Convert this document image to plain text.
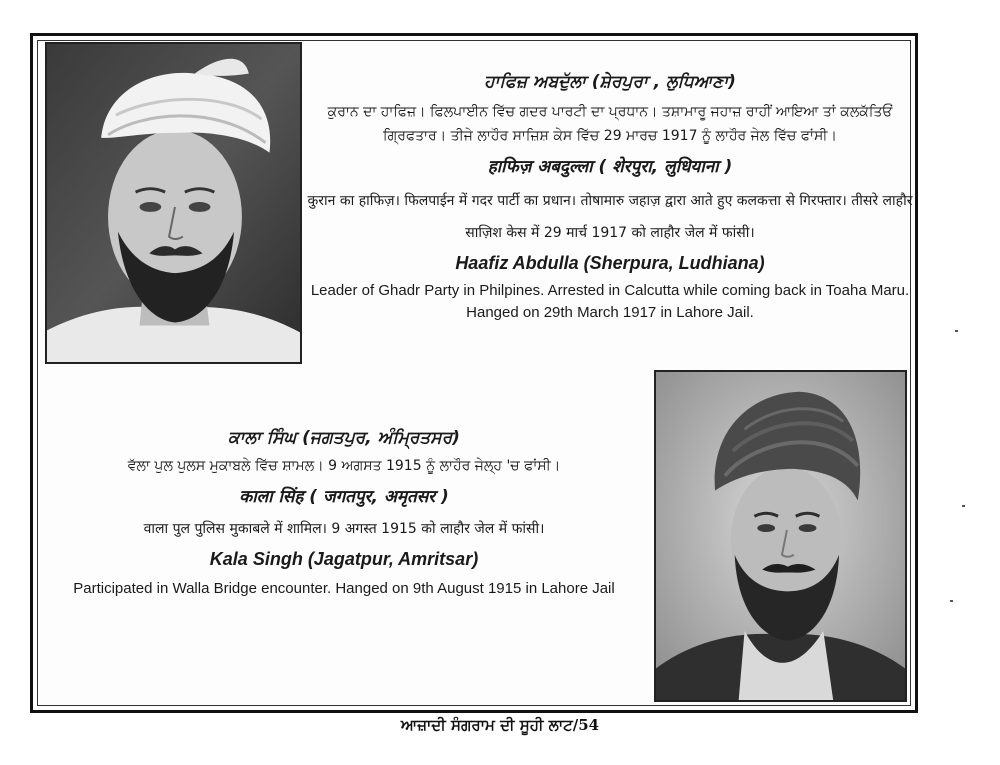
ਹਾਫਿਜ਼ ਅਬਦੁੱਲਾ (ਸ਼ੇਰਪੁਰਾ , ਲੁਧਿਆਣਾ)

ਕੁਰਾਨ ਦਾ ਹਾਫਿਜ਼। ਫਿਲਪਾਈਨ ਵਿੱਚ ਗਦਰ ਪਾਰਟੀ ਦਾ ਪ੍ਰਧਾਨ। ਤਸ਼ਾਮਾਰੂ ਜਹਾਜ਼ ਰਾਹੀਂ ਆਇਆ ਤਾਂ ਕਲਕੱਤਿਓਂ ਗ੍ਰਿਫਤਾਰ। ਤੀਜੇ ਲਾਹੌਰ ਸਾਜ਼ਿਸ਼ ਕੇਸ ਵਿੱਚ 29 ਮਾਰਚ 1917 ਨੂੰ ਲਾਹੌਰ ਜੇਲ ਵਿੱਚ ਫਾਂਸੀ।

हाफिज़ अबदुल्ला ( शेरपुरा, लुधियाना )

कुरान का हाफिज़। फिलपाईन में गदर पार्टी का प्रधान। तोषामारु जहाज़ द्वारा आते हुए कलकत्ता से गिरफ्तार। तीसरे लाहौर साज़िश केस में 29 मार्च 1917 को लाहौर जेल में फांसी।

Haafiz Abdulla (Sherpura, Ludhiana)

Leader of Ghadr Party in Philpines. Arrested in Calcutta while coming back in Toaha Maru. Hanged on 29th March 1917 in Lahore Jail.

ਕਾਲਾ ਸਿੰਘ (ਜਗਤਪੁਰ, ਅੰਮ੍ਰਿਤਸਰ)

ਵੱਲਾ ਪੁਲ ਪੁਲਸ ਮੁਕਾਬਲੇ ਵਿੱਚ ਸ਼ਾਮਲ। 9 ਅਗਸਤ 1915 ਨੂੰ ਲਾਹੌਰ ਜੇਲ੍ਹ 'ਚ ਫਾਂਸੀ।

काला सिंह ( जगतपुर, अमृतसर )

वाला पुल पुलिस मुकाबले में शामिल। 9 अगस्त 1915 को लाहौर जेल में फांसी।

Kala Singh (Jagatpur, Amritsar)

Participated in Walla Bridge encounter. Hanged on 9th August 1915 in Lahore Jail

ਆਜ਼ਾਦੀ ਸੰਗਰਾਮ ਦੀ ਸੂਹੀ ਲਾਟ/54
